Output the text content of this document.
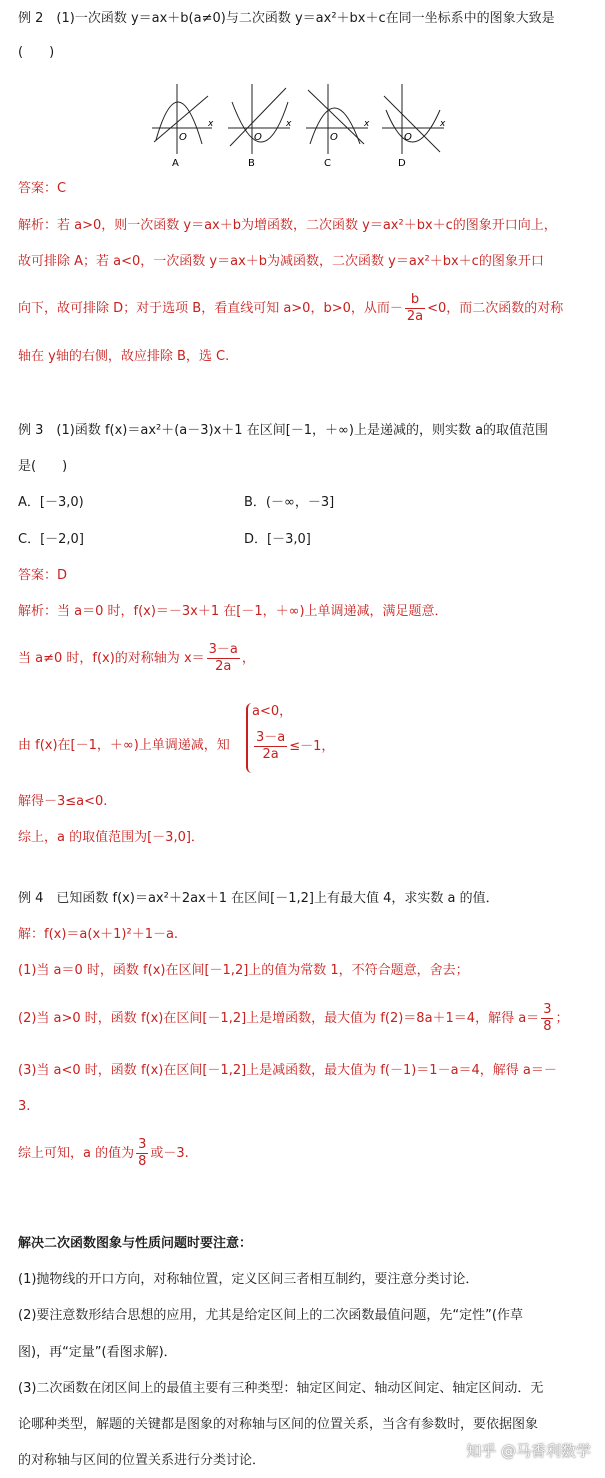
例 2　(1)一次函数 y＝ax＋b(a≠0)与二次函数 y＝ax²＋bx＋c在同一坐标系中的图象大致是
(　　)
O
x
A
O
x
B
O
x
C
O
x
D
答案：C
解析：若 a>0，则一次函数 y＝ax＋b为增函数，二次函数 y＝ax²＋bx＋c的图象开口向上，
故可排除 A；若 a<0，一次函数 y＝ax＋b为减函数，二次函数 y＝ax²＋bx＋c的图象开口
向下，故可排除 D；对于选项 B，看直线可知 a>0，b>0，从而－ $\frac{b}{2a} <0$，而二次函数的对称
轴在 y轴的右侧，故应排除 B，选 C.
例 3　(1)函数 f(x)＝ax²＋(a－3)x＋1 在区间[－1，＋∞)上是递减的，则实数 a的取值范围
是(　　)
A．[－3,0)	B．(－∞，－3]
C．[－2,0]	D．[－3,0]
答案：D
解析：当 a＝0 时，f(x)＝－3x＋1 在[－1，＋∞)上单调递减，满足题意．
当 a≠0 时，f(x)的对称轴为 $x= \frac{3-a}{2a}$ ，
由 f(x)在[－1，＋∞)上单调递减，知
a<0，
$\frac{3-a}{2a} \le-1$，
解得－3≤a<0.
综上，a 的取值范围为[－3,0]．
例 4　已知函数 f(x)＝ax²＋2ax＋1 在区间[－1,2]上有最大值 4，求实数 a 的值．
解：f(x)＝a(x＋1)²＋1－a.
(1)当 a＝0 时，函数 f(x)在区间[－1,2]上的值为常数 1，不符合题意，舍去；
(2)当 a>0 时，函数 f(x)在区间[－1,2]上是增函数，最大值为 f(2)＝8a＋1＝4，解得 $a= \frac{3}{8}$ ；
(3)当 a<0 时，函数 f(x)在区间[－1,2]上是减函数，最大值为 f(－1)＝1－a＝4，解得 a＝－
3.
综上可知，a 的值为 $\frac{3}{8}$ 或－3.
解决二次函数图象与性质问题时要注意：
(1)抛物线的开口方向，对称轴位置，定义区间三者相互制约，要注意分类讨论．
(2)要注意数形结合思想的应用，尤其是给定区间上的二次函数最值问题，先“定性”(作草
图)，再“定量”(看图求解)．
(3)二次函数在闭区间上的最值主要有三种类型：轴定区间定、轴动区间定、轴定区间动．无
论哪种类型，解题的关键都是图象的对称轴与区间的位置关系，当含有参数时，要依据图象
的对称轴与区间的位置关系进行分类讨论．
知乎 @马香利数学
